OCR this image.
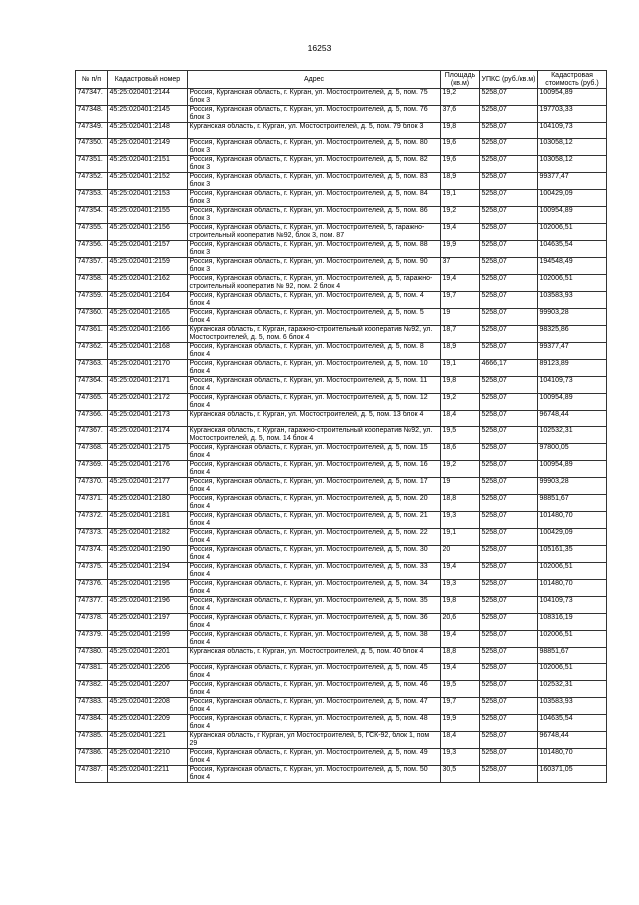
16253
№ п/п	Кадастровый номер	Адрес	Площадь (кв.м)	УПКС (руб./кв.м)	Кадастровая стоимость (руб.)
747347.	45:25:020401:2144	Россия, Курганская область, г. Курган, ул. Мостостроителей, д. 5, пом. 75 блок 3	19,2	5258,07	100954,89
747348.	45:25:020401:2145	Россия, Курганская область, г. Курган, ул. Мостостроителей, д. 5, пом. 76 блок 3	37,6	5258,07	197703,33
747349.	45:25:020401:2148	Курганская область, г. Курган, ул. Мостостроителей, д. 5, пом. 79 блок 3	19,8	5258,07	104109,73
747350.	45:25:020401:2149	Россия, Курганская область, г. Курган, ул. Мостостроителей, д. 5, пом. 80 блок 3	19,6	5258,07	103058,12
747351.	45:25:020401:2151	Россия, Курганская область, г. Курган, ул. Мостостроителей, д. 5, пом. 82 блок 3	19,6	5258,07	103058,12
747352.	45:25:020401:2152	Россия, Курганская область, г. Курган, ул. Мостостроителей, д. 5, пом. 83 блок 3	18,9	5258,07	99377,47
747353.	45:25:020401:2153	Россия, Курганская область, г. Курган, ул. Мостостроителей, д. 5, пом. 84 блок 3	19,1	5258,07	100429,09
747354.	45:25:020401:2155	Россия, Курганская область, г. Курган, ул. Мостостроителей, д. 5, пом. 86 блок 3	19,2	5258,07	100954,89
747355.	45:25:020401:2156	Россия, Курганская область, г. Курган, ул. Мостостроителей, 5, гаражно-строительный кооператив №92, блок 3, пом. 87	19,4	5258,07	102006,51
747356.	45:25:020401:2157	Россия, Курганская область, г. Курган, ул. Мостостроителей, д. 5, пом. 88 блок 3	19,9	5258,07	104635,54
747357.	45:25:020401:2159	Россия, Курганская область, г. Курган, ул. Мостостроителей, д. 5, пом. 90 блок 3	37	5258,07	194548,49
747358.	45:25:020401:2162	Россия, Курганская область, г. Курган, ул. Мостостроителей, д. 5, гаражно-строительный кооператив № 92, пом. 2 блок 4	19,4	5258,07	102006,51
747359.	45:25:020401:2164	Россия, Курганская область, г. Курган, ул. Мостостроителей, д. 5, пом. 4 блок 4	19,7	5258,07	103583,93
747360.	45:25:020401:2165	Россия, Курганская область, г. Курган, ул. Мостостроителей, д. 5, пом. 5 блок 4	19	5258,07	99903,28
747361.	45:25:020401:2166	Курганская область, г. Курган, гаражно-строительный кооператив №92, ул. Мостостроителей, д. 5, пом. 6 блок 4	18,7	5258,07	98325,86
747362.	45:25:020401:2168	Россия, Курганская область, г. Курган, ул. Мостостроителей, д. 5, пом. 8 блок 4	18,9	5258,07	99377,47
747363.	45:25:020401:2170	Россия, Курганская область, г. Курган, ул. Мостостроителей, д. 5, пом. 10 блок 4	19,1	4666,17	89123,89
747364.	45:25:020401:2171	Россия, Курганская область, г. Курган, ул. Мостостроителей, д. 5, пом. 11 блок 4	19,8	5258,07	104109,73
747365.	45:25:020401:2172	Россия, Курганская область, г. Курган, ул. Мостостроителей, д. 5, пом. 12 блок 4	19,2	5258,07	100954,89
747366.	45:25:020401:2173	Курганская область, г. Курган, ул. Мостостроителей, д. 5, пом. 13 блок 4	18,4	5258,07	96748,44
747367.	45:25:020401:2174	Курганская область, г. Курган, гаражно-строительный кооператив №92, ул. Мостостроителей, д. 5, пом. 14 блок 4	19,5	5258,07	102532,31
747368.	45:25:020401:2175	Россия, Курганская область, г. Курган, ул. Мостостроителей, д. 5, пом. 15 блок 4	18,6	5258,07	97800,05
747369.	45:25:020401:2176	Россия, Курганская область, г. Курган, ул. Мостостроителей, д. 5, пом. 16 блок 4	19,2	5258,07	100954,89
747370.	45:25:020401:2177	Россия, Курганская область, г. Курган, ул. Мостостроителей, д. 5, пом. 17 блок 4	19	5258,07	99903,28
747371.	45:25:020401:2180	Россия, Курганская область, г. Курган, ул. Мостостроителей, д. 5, пом. 20 блок 4	18,8	5258,07	98851,67
747372.	45:25:020401:2181	Россия, Курганская область, г. Курган, ул. Мостостроителей, д. 5, пом. 21 блок 4	19,3	5258,07	101480,70
747373.	45:25:020401:2182	Россия, Курганская область, г. Курган, ул. Мостостроителей, д. 5, пом. 22 блок 4	19,1	5258,07	100429,09
747374.	45:25:020401:2190	Россия, Курганская область, г. Курган, ул. Мостостроителей, д. 5, пом. 30 блок 4	20	5258,07	105161,35
747375.	45:25:020401:2194	Россия, Курганская область, г. Курган, ул. Мостостроителей, д. 5, пом. 33 блок 4	19,4	5258,07	102006,51
747376.	45:25:020401:2195	Россия, Курганская область, г. Курган, ул. Мостостроителей, д. 5, пом. 34 блок 4	19,3	5258,07	101480,70
747377.	45:25:020401:2196	Россия, Курганская область, г. Курган, ул. Мостостроителей, д. 5, пом. 35 блок 4	19,8	5258,07	104109,73
747378.	45:25:020401:2197	Россия, Курганская область, г. Курган, ул. Мостостроителей, д. 5, пом. 36 блок 4	20,6	5258,07	108316,19
747379.	45:25:020401:2199	Россия, Курганская область, г. Курган, ул. Мостостроителей, д. 5, пом. 38 блок 4	19,4	5258,07	102006,51
747380.	45:25:020401:2201	Курганская область, г. Курган, ул. Мостостроителей, д. 5, пом. 40 блок 4	18,8	5258,07	98851,67
747381.	45:25:020401:2206	Россия, Курганская область, г. Курган, ул. Мостостроителей, д. 5, пом. 45 блок 4	19,4	5258,07	102006,51
747382.	45:25:020401:2207	Россия, Курганская область, г. Курган, ул. Мостостроителей, д. 5, пом. 46 блок 4	19,5	5258,07	102532,31
747383.	45:25:020401:2208	Россия, Курганская область, г. Курган, ул. Мостостроителей, д. 5, пом. 47 блок 4	19,7	5258,07	103583,93
747384.	45:25:020401:2209	Россия, Курганская область, г. Курган, ул. Мостостроителей, д. 5, пом. 48 блок 4	19,9	5258,07	104635,54
747385.	45:25:020401:221	Курганская область, г Курган, ул Мостостроителей, 5, ГСК-92, блок 1, пом 29	18,4	5258,07	96748,44
747386.	45:25:020401:2210	Россия, Курганская область, г. Курган, ул. Мостостроителей, д. 5, пом. 49 блок 4	19,3	5258,07	101480,70
747387.	45:25:020401:2211	Россия, Курганская область, г. Курган, ул. Мостостроителей, д. 5, пом. 50 блок 4	30,5	5258,07	160371,05
